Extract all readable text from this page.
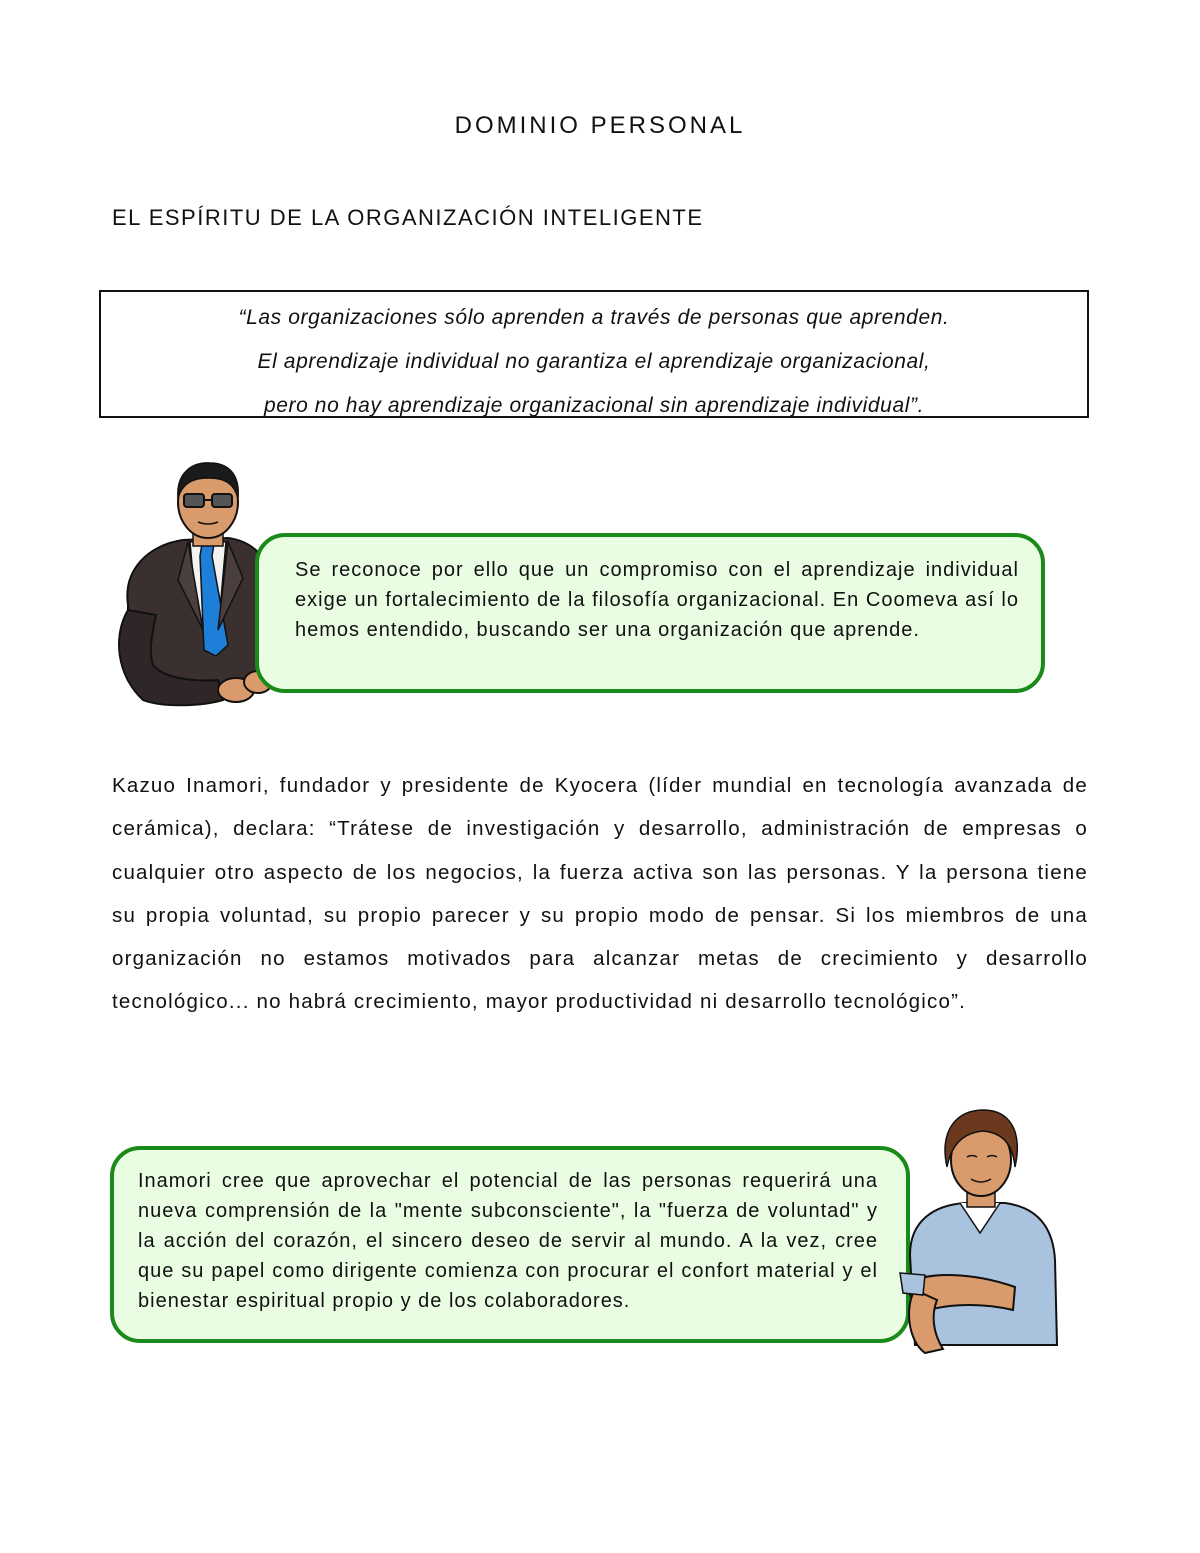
DOMINIO PERSONAL
EL ESPÍRITU DE LA ORGANIZACIÓN INTELIGENTE
“Las organizaciones sólo aprenden a través de personas que aprenden.
El aprendizaje individual no garantiza el aprendizaje organizacional,
pero no hay aprendizaje organizacional sin aprendizaje individual”.
Se reconoce por ello que un compromiso con el aprendizaje individual exige un fortalecimiento de la filosofía organizacional. En Coomeva así lo hemos entendido, buscando ser una organización que aprende.
Kazuo Inamori, fundador y presidente de Kyocera (líder mundial en tecnología avanzada de cerámica), declara: “Trátese de investigación y desarrollo, administración de empresas o cualquier otro aspecto de los negocios, la fuerza activa son las personas. Y la persona tiene su propia voluntad, su propio parecer y su propio modo de pensar. Si los miembros de una organización no estamos motivados para alcanzar metas de crecimiento y desarrollo tecnológico... no habrá crecimiento, mayor productividad ni desarrollo tecnológico”.
Inamori cree que aprovechar el potencial de las personas requerirá una nueva comprensión de la "mente subconsciente", la "fuerza de voluntad" y la acción del corazón, el sincero deseo de servir al mundo. A la vez, cree que su papel como dirigente comienza con procurar el confort material y el bienestar espiritual propio y de los colaboradores.
